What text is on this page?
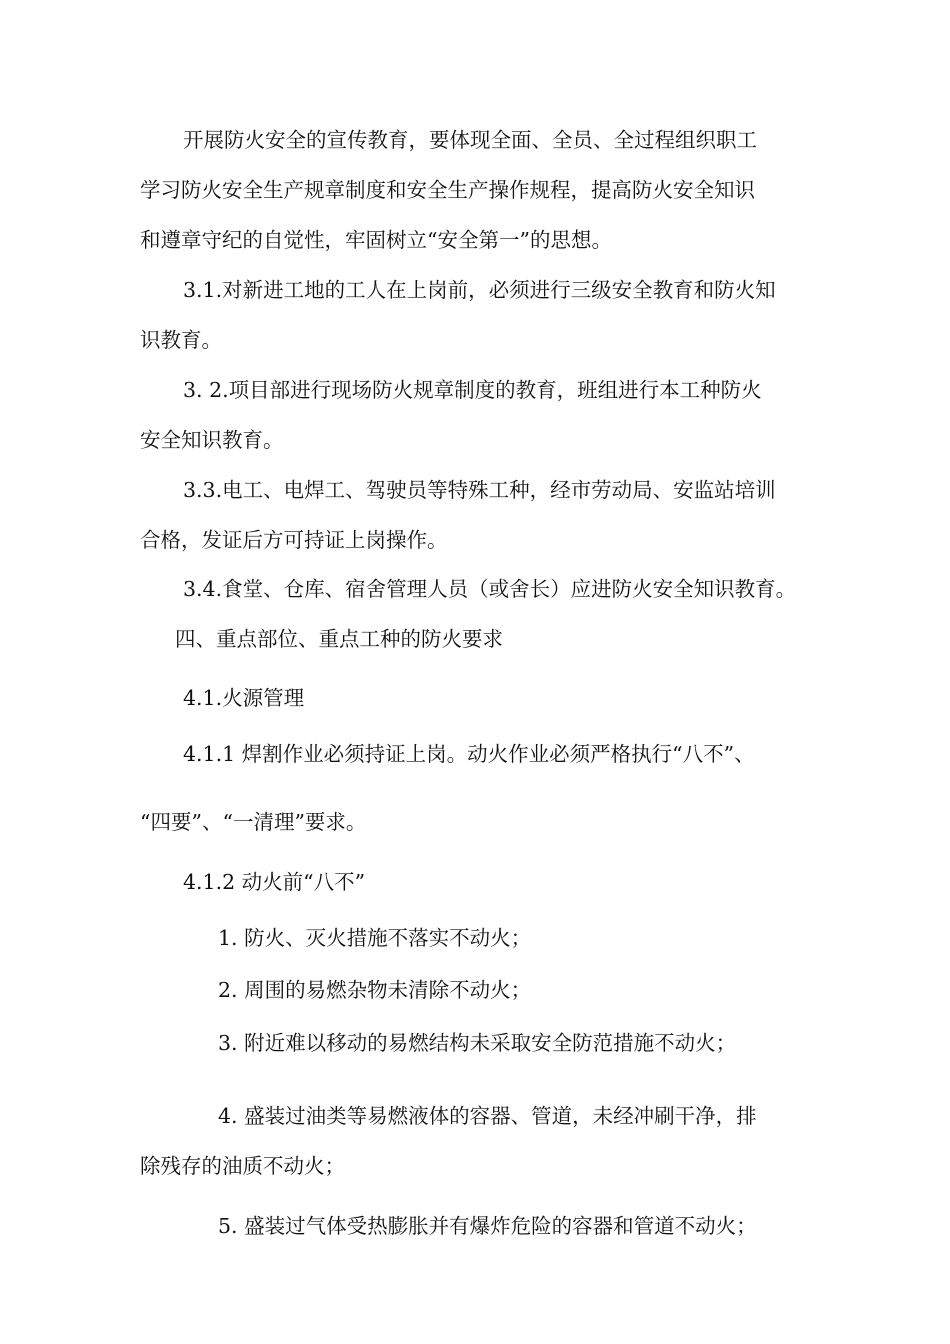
开展防火安全的宣传教育，要体现全面、全员、全过程组织职工

学习防火安全生产规章制度和安全生产操作规程，提高防火安全知识

和遵章守纪的自觉性，牢固树立“安全第一”的思想。

3.1.对新进工地的工人在上岗前，必须进行三级安全教育和防火知

识教育。

3. 2.项目部进行现场防火规章制度的教育，班组进行本工种防火

安全知识教育。

3.3.电工、电焊工、驾驶员等特殊工种，经市劳动局、安监站培训

合格，发证后方可持证上岗操作。

3.4.食堂、仓库、宿舍管理人员（或舍长）应进防火安全知识教育。

四、重点部位、重点工种的防火要求

4.1.火源管理

4.1.1 焊割作业必须持证上岗。动火作业必须严格执行“八不”、

“四要”、“一清理”要求。

4.1.2 动火前“八不”

1. 防火、灭火措施不落实不动火；

2. 周围的易燃杂物未清除不动火；

3. 附近难以移动的易燃结构未采取安全防范措施不动火；

4. 盛装过油类等易燃液体的容器、管道，未经冲刷干净，排

除残存的油质不动火；

5. 盛装过气体受热膨胀并有爆炸危险的容器和管道不动火；
